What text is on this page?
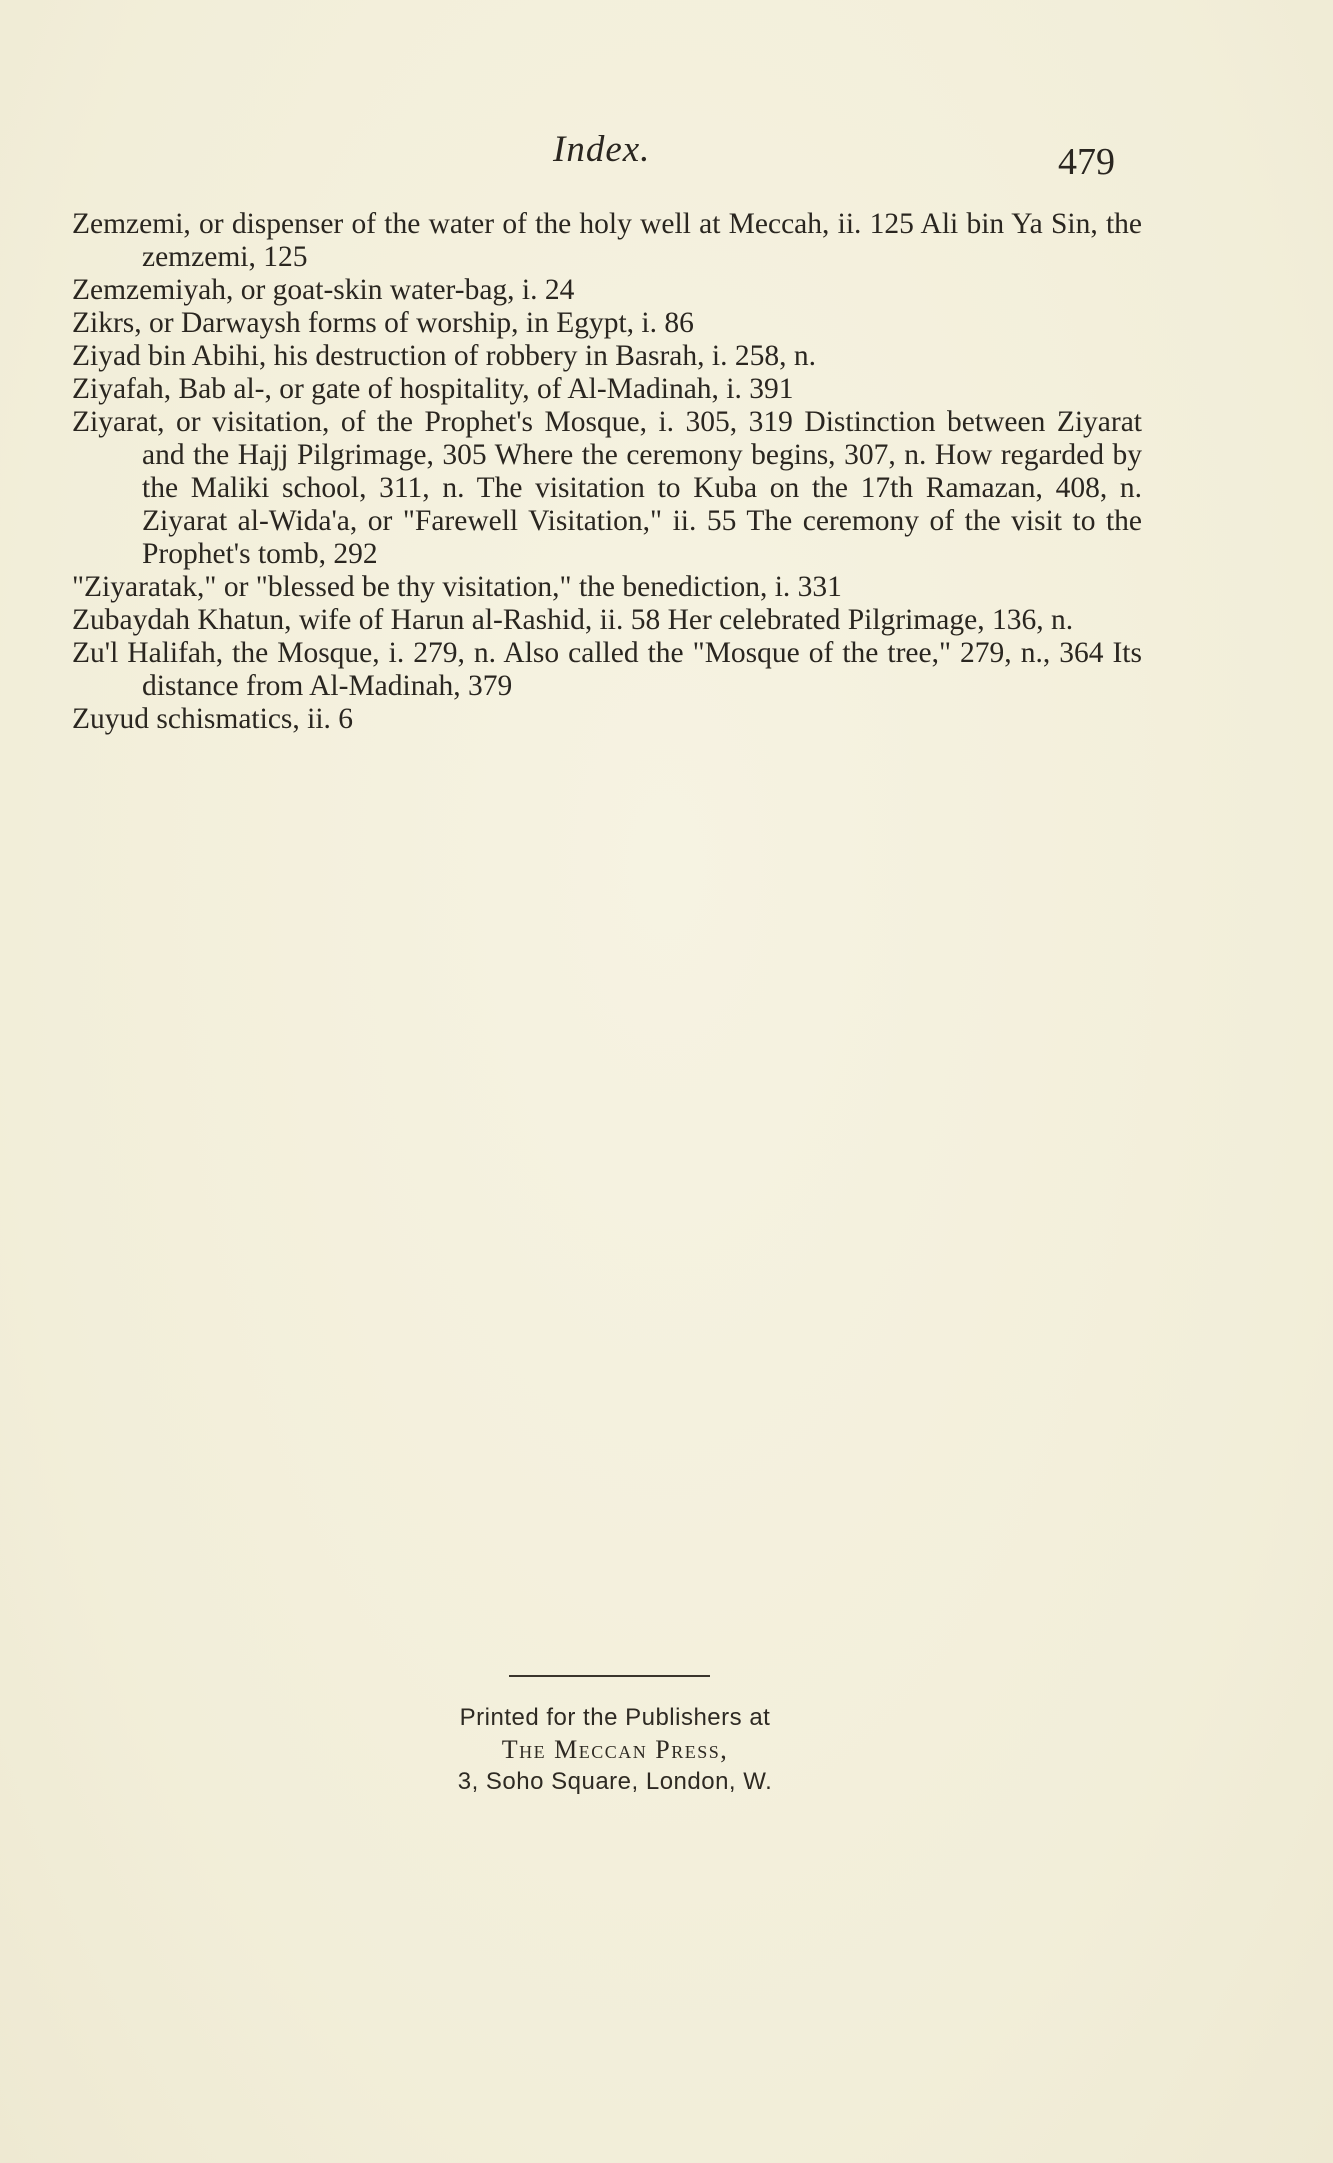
Index.	479
Zemzemi, or dispenser of the water of the holy well at Meccah, ii. 125 Ali bin Ya Sin, the zemzemi, 125
Zemzemiyah, or goat-skin water-bag, i. 24
Zikrs, or Darwaysh forms of worship, in Egypt, i. 86
Ziyad bin Abihi, his destruction of robbery in Basrah, i. 258, n.
Ziyafah, Bab al-, or gate of hospitality, of Al-Madinah, i. 391
Ziyarat, or visitation, of the Prophet's Mosque, i. 305, 319 Distinction between Ziyarat and the Hajj Pilgrimage, 305 Where the ceremony begins, 307, n. How regarded by the Maliki school, 311, n. The visitation to Kuba on the 17th Ramazan, 408, n. Ziyarat al-Wida'a, or "Farewell Visitation," ii. 55 The ceremony of the visit to the Prophet's tomb, 292
"Ziyaratak," or "blessed be thy visitation," the benediction, i. 331
Zubaydah Khatun, wife of Harun al-Rashid, ii. 58 Her celebrated Pilgrimage, 136, n.
Zu'l Halifah, the Mosque, i. 279, n. Also called the "Mosque of the tree," 279, n., 364 Its distance from Al-Madinah, 379
Zuyud schismatics, ii. 6
Printed for the Publishers at
The Meccan Press,
3, Soho Square, London, W.
